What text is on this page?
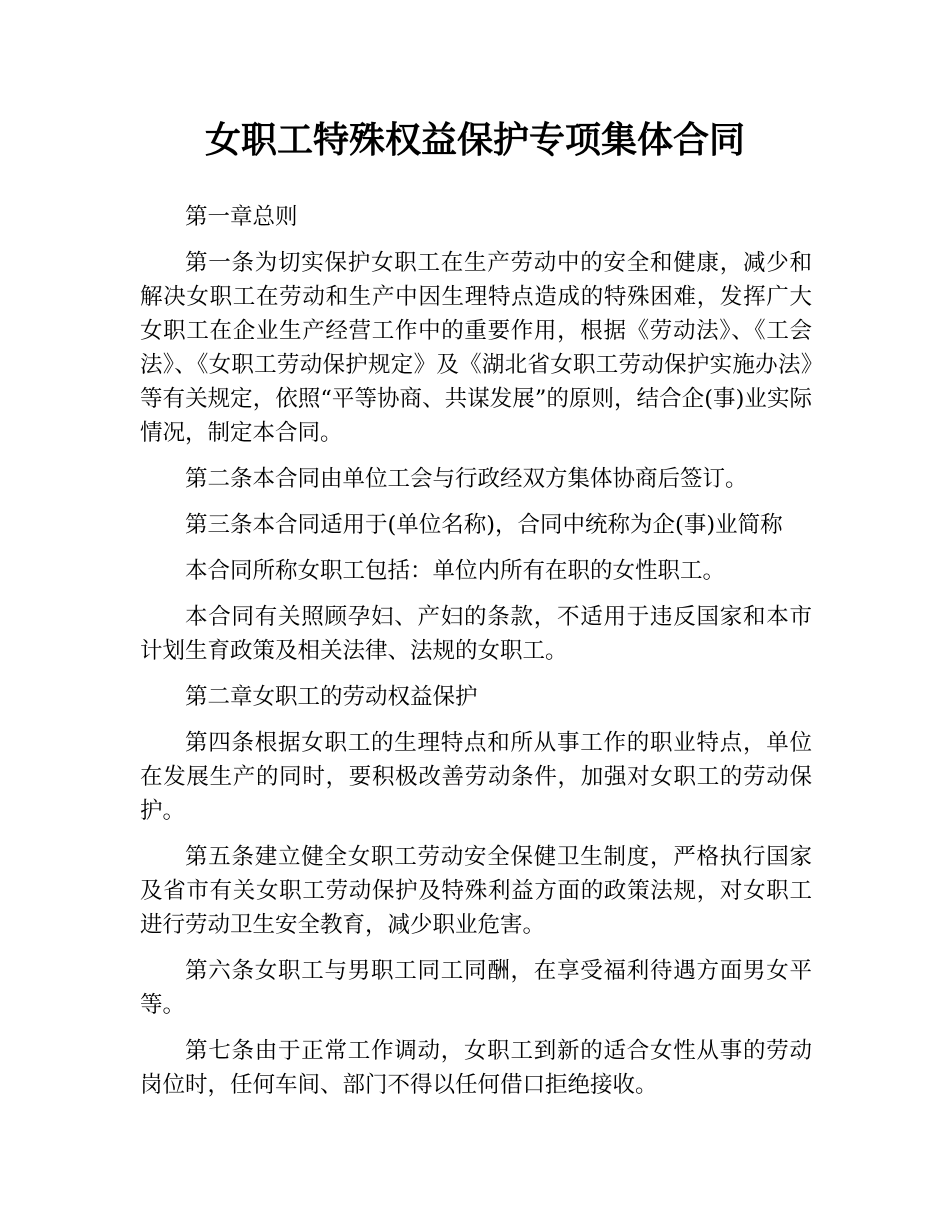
女职工特殊权益保护专项集体合同

第一章总则

第一条为切实保护女职工在生产劳动中的安全和健康，减少和解决女职工在劳动和生产中因生理特点造成的特殊困难，发挥广大女职工在企业生产经营工作中的重要作用，根据《劳动法》、《工会法》、《女职工劳动保护规定》及《湖北省女职工劳动保护实施办法》等有关规定，依照“平等协商、共谋发展”的原则，结合企(事)业实际情况，制定本合同。

第二条本合同由单位工会与行政经双方集体协商后签订。

第三条本合同适用于(单位名称)，合同中统称为企(事)业简称

本合同所称女职工包括：单位内所有在职的女性职工。

本合同有关照顾孕妇、产妇的条款，不适用于违反国家和本市计划生育政策及相关法律、法规的女职工。

第二章女职工的劳动权益保护

第四条根据女职工的生理特点和所从事工作的职业特点，单位在发展生产的同时，要积极改善劳动条件，加强对女职工的劳动保护。

第五条建立健全女职工劳动安全保健卫生制度，严格执行国家及省市有关女职工劳动保护及特殊利益方面的政策法规，对女职工进行劳动卫生安全教育，减少职业危害。

第六条女职工与男职工同工同酬，在享受福利待遇方面男女平等。

第七条由于正常工作调动，女职工到新的适合女性从事的劳动岗位时，任何车间、部门不得以任何借口拒绝接收。
